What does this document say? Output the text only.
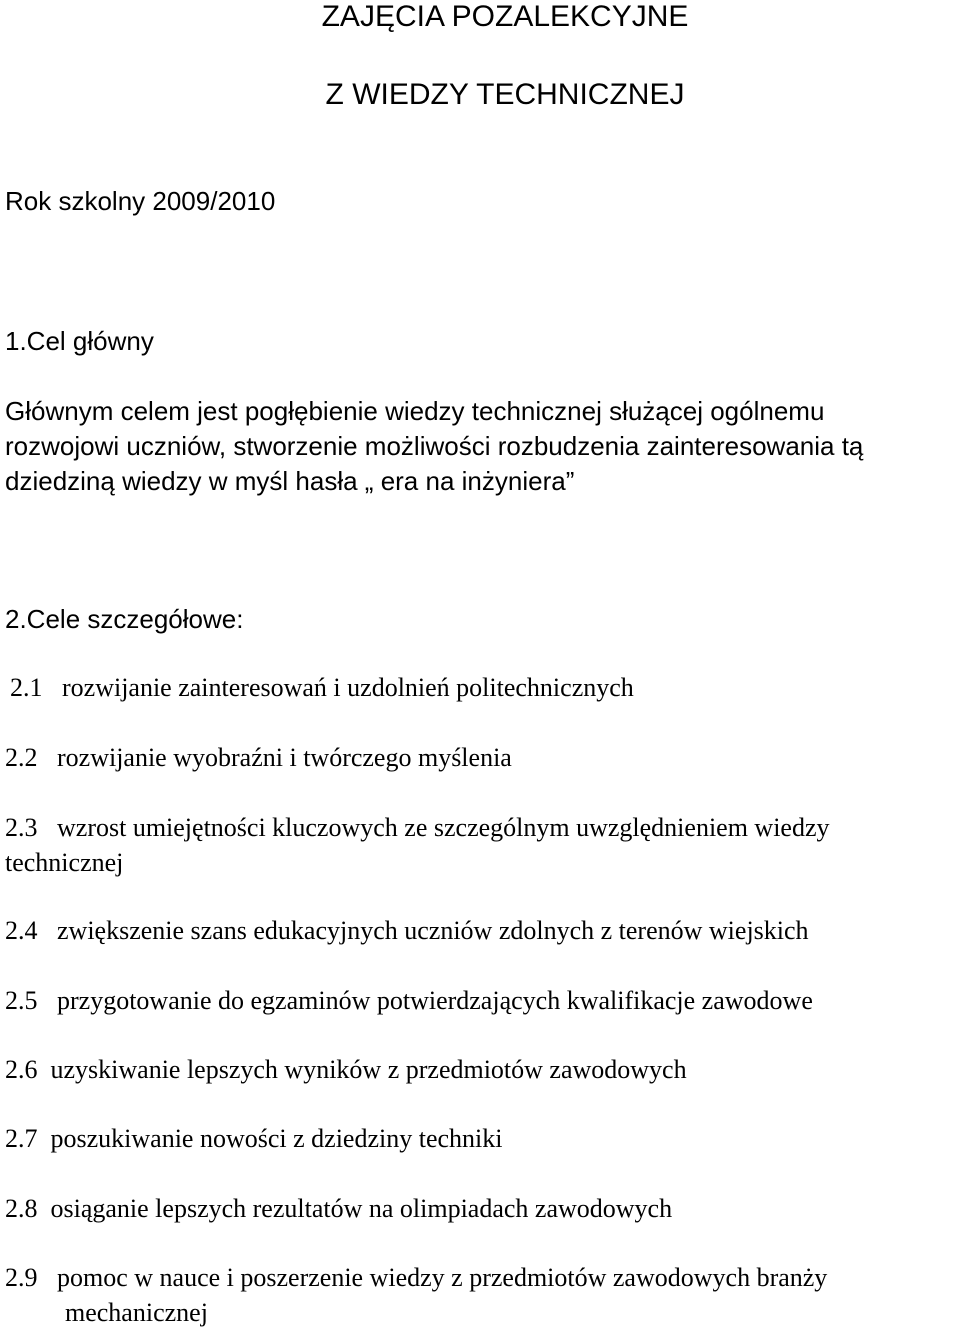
ZAJĘCIA POZALEKCYJNE
Z WIEDZY TECHNICZNEJ
Rok szkolny 2009/2010
1.Cel główny
Głównym celem jest pogłębienie wiedzy technicznej służącej ogólnemu
rozwojowi uczniów, stworzenie możliwości rozbudzenia zainteresowania tą
dziedziną wiedzy w myśl hasła „ era na inżyniera”
2.Cele szczegółowe:
2.1 rozwijanie zainteresowań i uzdolnień politechnicznych
2.2 rozwijanie wyobraźni i twórczego myślenia
2.3 wzrost umiejętności kluczowych ze szczególnym uwzględnieniem wiedzy
technicznej
2.4 zwiększenie szans edukacyjnych uczniów zdolnych z terenów wiejskich
2.5 przygotowanie do egzaminów potwierdzających kwalifikacje zawodowe
2.6 uzyskiwanie lepszych wyników z przedmiotów zawodowych
2.7 poszukiwanie nowości z dziedziny techniki
2.8 osiąganie lepszych rezultatów na olimpiadach zawodowych
2.9 pomoc w nauce i poszerzenie wiedzy z przedmiotów zawodowych branży
mechanicznej
